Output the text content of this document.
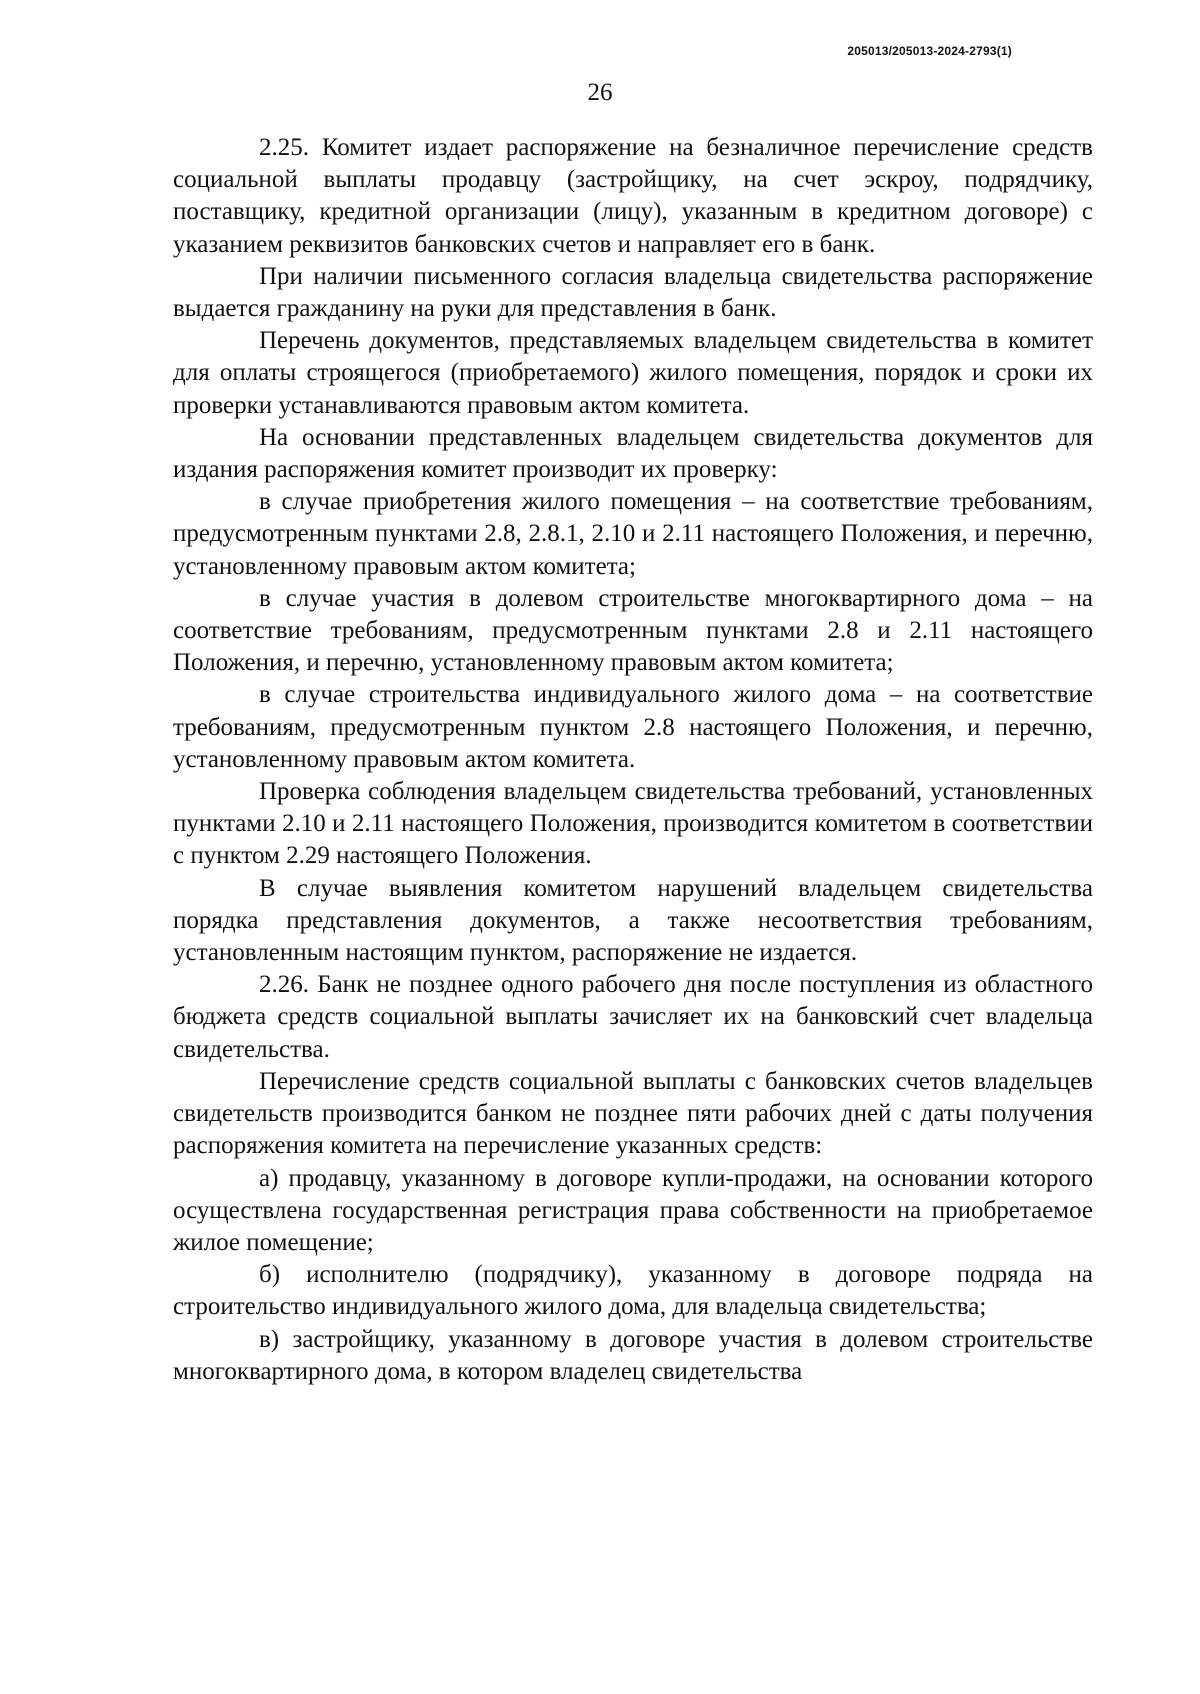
205013/205013-2024-2793(1)
26

2.25. Комитет издает распоряжение на безналичное перечисление средств социальной выплаты продавцу (застройщику, на счет эскроу, подрядчику, поставщику, кредитной организации (лицу), указанным в кредитном договоре) с указанием реквизитов банковских счетов и направляет его в банк.

При наличии письменного согласия владельца свидетельства распоряжение выдается гражданину на руки для представления в банк.

Перечень документов, представляемых владельцем свидетельства в комитет для оплаты строящегося (приобретаемого) жилого помещения, порядок и сроки их проверки устанавливаются правовым актом комитета.

На основании представленных владельцем свидетельства документов для издания распоряжения комитет производит их проверку:

в случае приобретения жилого помещения – на соответствие требованиям, предусмотренным пунктами 2.8, 2.8.1, 2.10 и 2.11 настоящего Положения, и перечню, установленному правовым актом комитета;

в случае участия в долевом строительстве многоквартирного дома – на соответствие требованиям, предусмотренным пунктами 2.8 и 2.11 настоящего Положения, и перечню, установленному правовым актом комитета;

в случае строительства индивидуального жилого дома – на соответствие требованиям, предусмотренным пунктом 2.8 настоящего Положения, и перечню, установленному правовым актом комитета.

Проверка соблюдения владельцем свидетельства требований, установленных пунктами 2.10 и 2.11 настоящего Положения, производится комитетом в соответствии с пунктом 2.29 настоящего Положения.

В случае выявления комитетом нарушений владельцем свидетельства порядка представления документов, а также несоответствия требованиям, установленным настоящим пунктом, распоряжение не издается.

2.26. Банк не позднее одного рабочего дня после поступления из областного бюджета средств социальной выплаты зачисляет их на банковский счет владельца свидетельства.

Перечисление средств социальной выплаты с банковских счетов владельцев свидетельств производится банком не позднее пяти рабочих дней с даты получения распоряжения комитета на перечисление указанных средств:

а) продавцу, указанному в договоре купли-продажи, на основании которого осуществлена государственная регистрация права собственности на приобретаемое жилое помещение;

б) исполнителю (подрядчику), указанному в договоре подряда на строительство индивидуального жилого дома, для владельца свидетельства;

в) застройщику, указанному в договоре участия в долевом строительстве многоквартирного дома, в котором владелец свидетельства
